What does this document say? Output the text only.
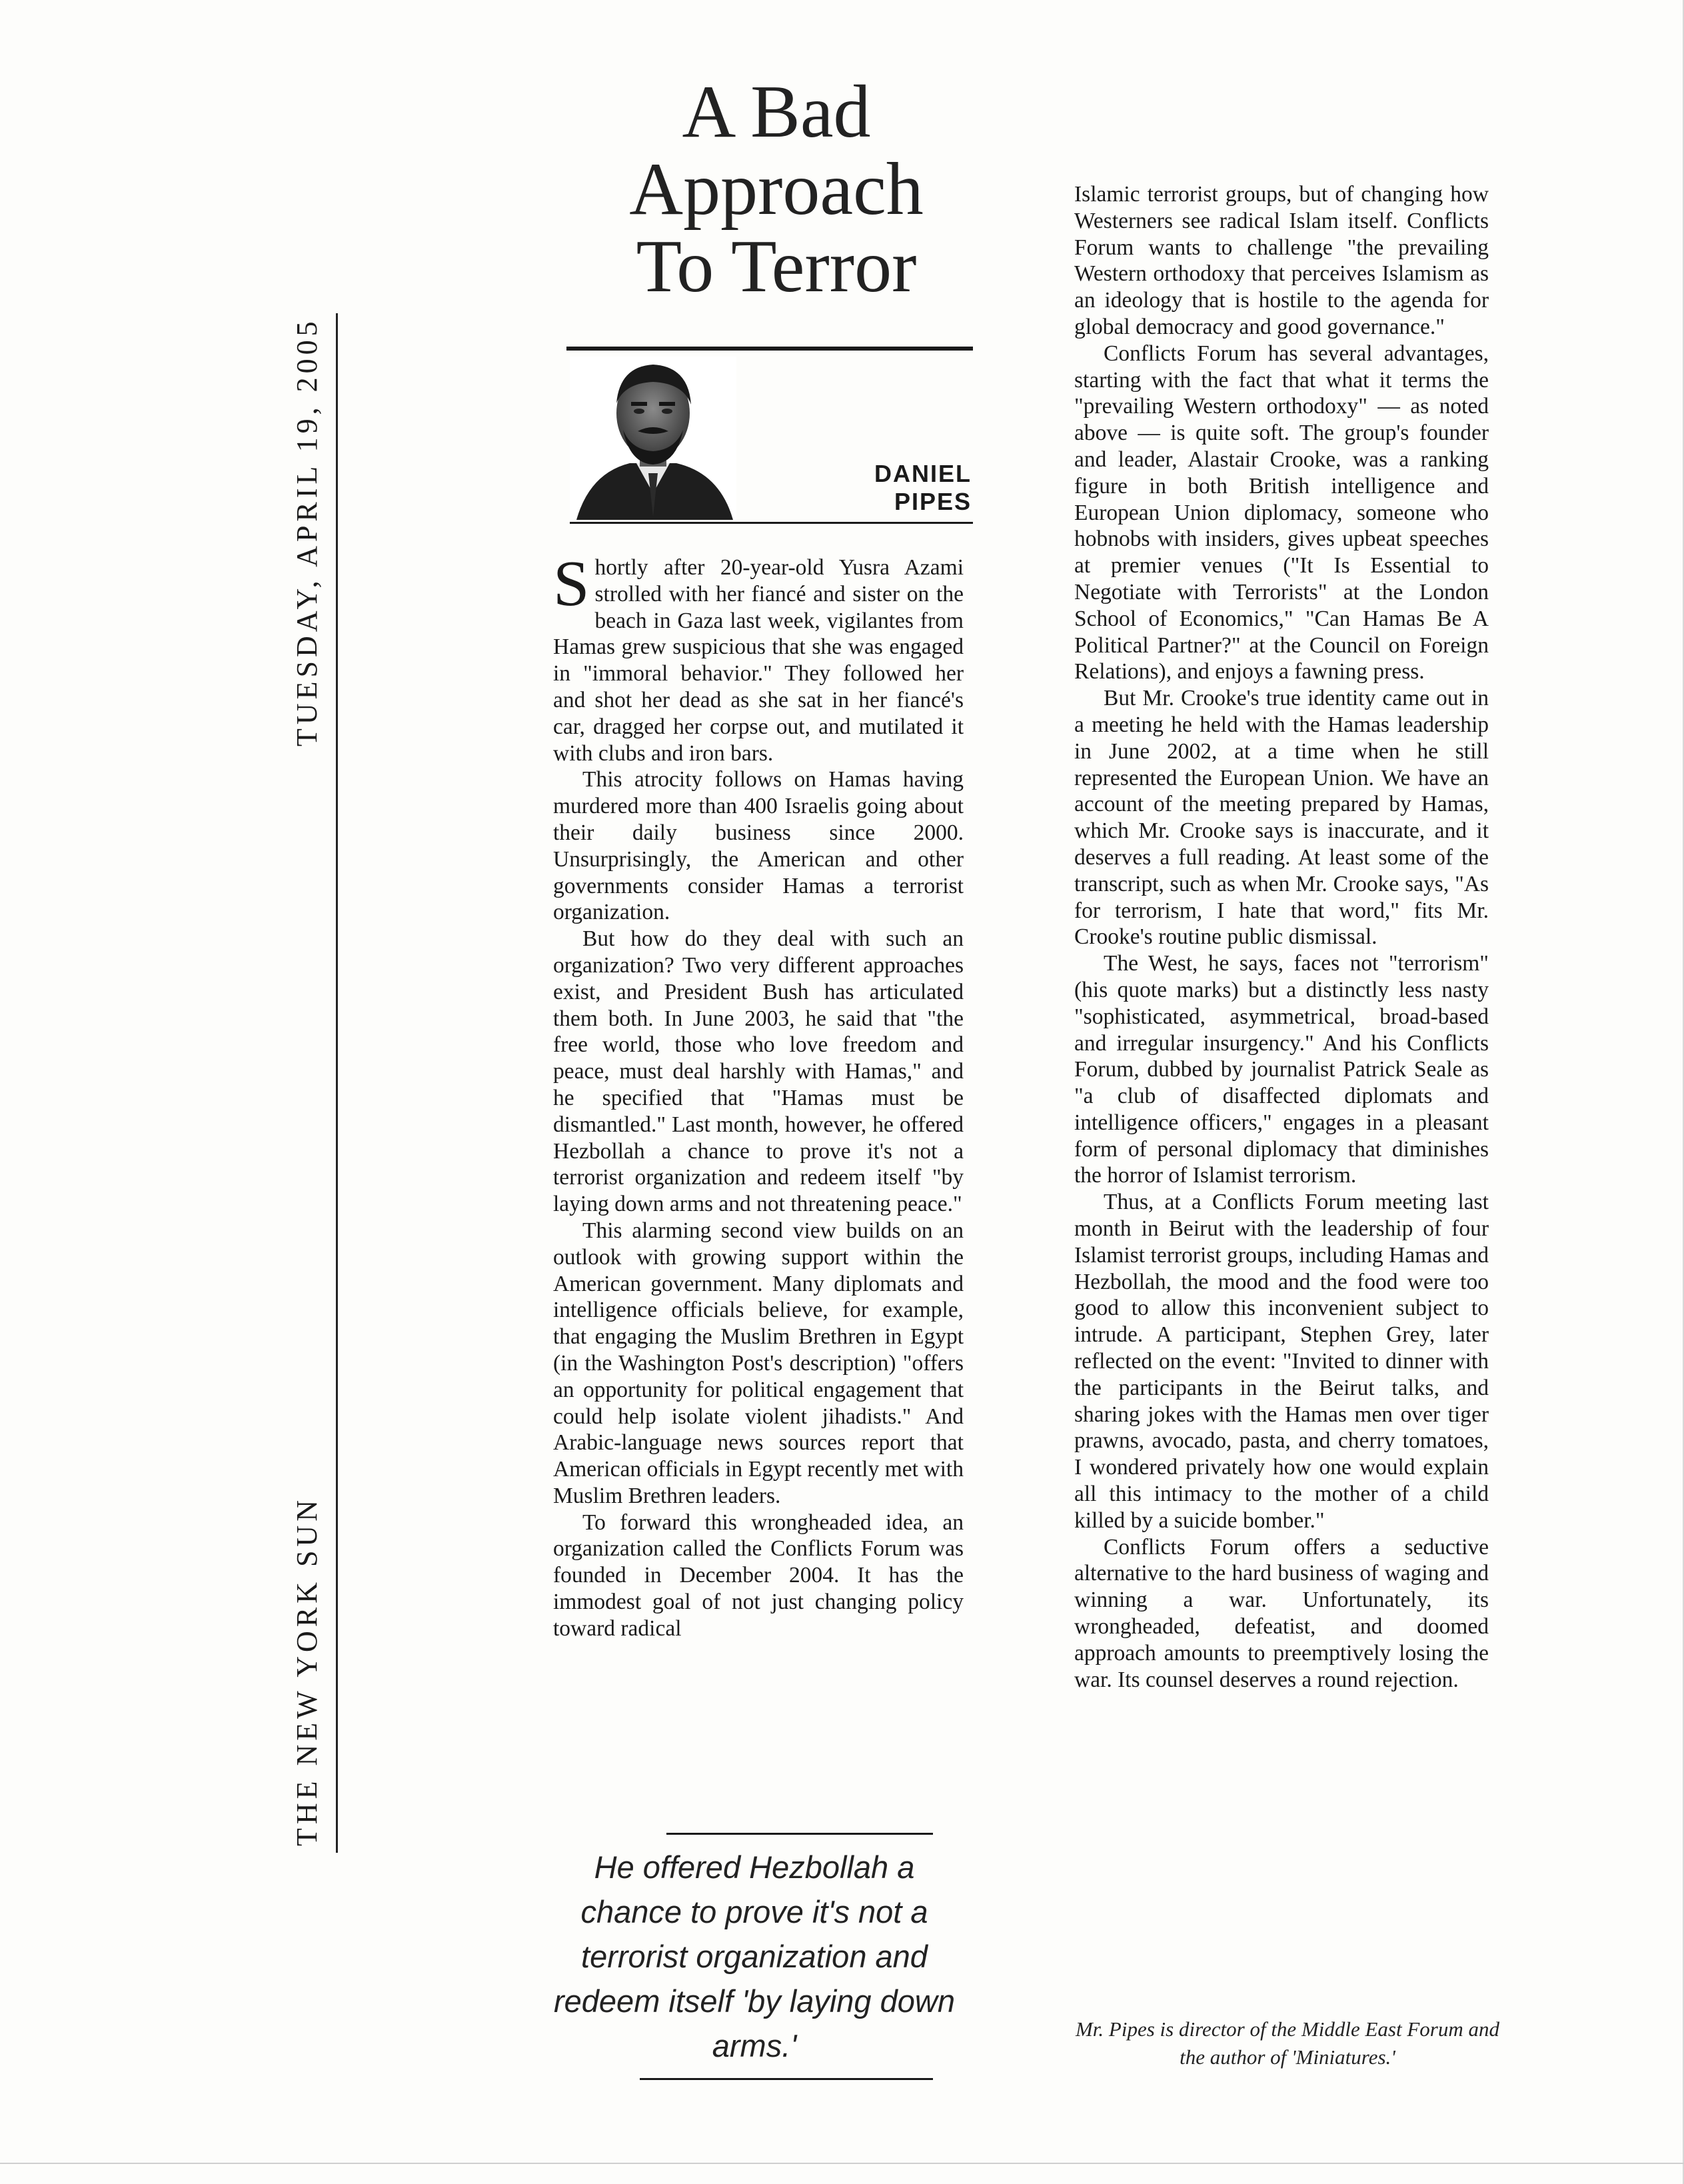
TUESDAY, APRIL 19, 2005
THE NEW YORK SUN
A Bad
Approach
To Terror
DANIEL
PIPES

Shortly after 20-year-old Yusra Azami strolled with her fiancé and sister on the beach in Gaza last week, vigilantes from Hamas grew suspicious that she was engaged in "immoral behavior." They followed her and shot her dead as she sat in her fiancé's car, dragged her corpse out, and mutilated it with clubs and iron bars.

This atrocity follows on Hamas having murdered more than 400 Israelis going about their daily business since 2000. Unsurprisingly, the American and other governments consider Hamas a terrorist organization.

But how do they deal with such an organization? Two very different approaches exist, and President Bush has articulated them both. In June 2003, he said that "the free world, those who love freedom and peace, must deal harshly with Hamas," and he specified that "Hamas must be dismantled." Last month, however, he offered Hezbollah a chance to prove it's not a terrorist organization and redeem itself "by laying down arms and not threatening peace."

This alarming second view builds on an outlook with growing support within the American government. Many diplomats and intelligence officials believe, for example, that engaging the Muslim Brethren in Egypt (in the Washington Post's description) "offers an opportunity for political engagement that could help isolate violent jihadists." And Arabic-language news sources report that American officials in Egypt recently met with Muslim Brethren leaders.

To forward this wrongheaded idea, an organization called the Conflicts Forum was founded in December 2004. It has the immodest goal of not just changing policy toward radical

He offered Hezbollah a chance to prove it's not a terrorist organization and redeem itself 'by laying down arms.'

Islamic terrorist groups, but of changing how Westerners see radical Islam itself. Conflicts Forum wants to challenge "the prevailing Western orthodoxy that perceives Islamism as an ideology that is hostile to the agenda for global democracy and good governance."

Conflicts Forum has several advantages, starting with the fact that what it terms the "prevailing Western orthodoxy" — as noted above — is quite soft. The group's founder and leader, Alastair Crooke, was a ranking figure in both British intelligence and European Union diplomacy, someone who hobnobs with insiders, gives upbeat speeches at premier venues ("It Is Essential to Negotiate with Terrorists" at the London School of Economics," "Can Hamas Be A Political Partner?" at the Council on Foreign Relations), and enjoys a fawning press.

But Mr. Crooke's true identity came out in a meeting he held with the Hamas leadership in June 2002, at a time when he still represented the European Union. We have an account of the meeting prepared by Hamas, which Mr. Crooke says is inaccurate, and it deserves a full reading. At least some of the transcript, such as when Mr. Crooke says, "As for terrorism, I hate that word," fits Mr. Crooke's routine public dismissal.

The West, he says, faces not "terrorism" (his quote marks) but a distinctly less nasty "sophisticated, asymmetrical, broad-based and irregular insurgency." And his Conflicts Forum, dubbed by journalist Patrick Seale as "a club of disaffected diplomats and intelligence officers," engages in a pleasant form of personal diplomacy that diminishes the horror of Islamist terrorism.

Thus, at a Conflicts Forum meeting last month in Beirut with the leadership of four Islamist terrorist groups, including Hamas and Hezbollah, the mood and the food were too good to allow this inconvenient subject to intrude. A participant, Stephen Grey, later reflected on the event: "Invited to dinner with the participants in the Beirut talks, and sharing jokes with the Hamas men over tiger prawns, avocado, pasta, and cherry tomatoes, I wondered privately how one would explain all this intimacy to the mother of a child killed by a suicide bomber."

Conflicts Forum offers a seductive alternative to the hard business of waging and winning a war. Unfortunately, its wrongheaded, defeatist, and doomed approach amounts to preemptively losing the war. Its counsel deserves a round rejection.

Mr. Pipes is director of the Middle East Forum and the author of 'Miniatures.'
